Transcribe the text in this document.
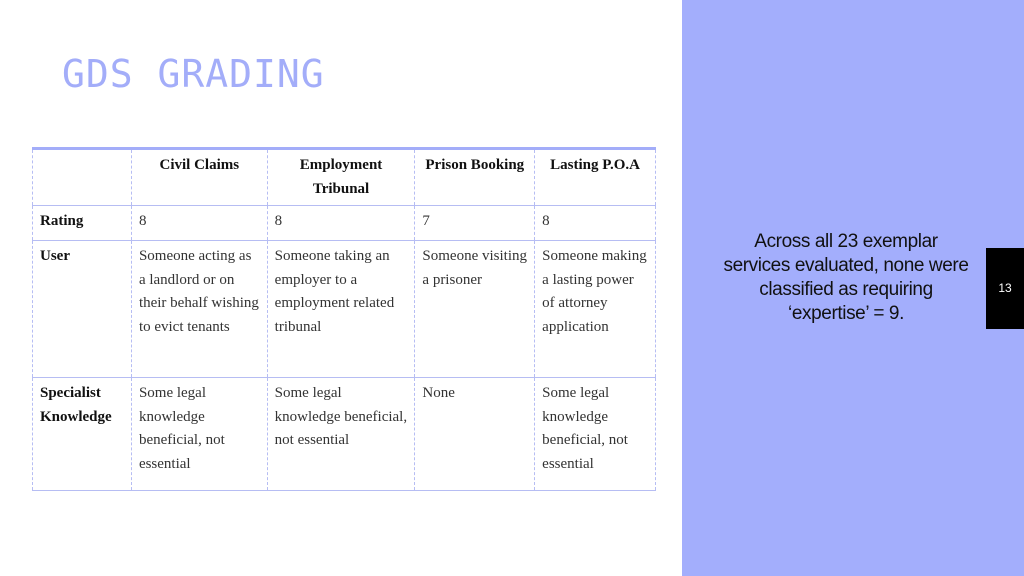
GDS GRADING
	Civil Claims	Employment Tribunal	Prison Booking	Lasting P.O.A
Rating	8	8	7	8
User	Someone acting as a landlord or on their behalf wishing to evict tenants	Someone taking an employer to a employment related tribunal	Someone visiting a prisoner	Someone making a lasting power of attorney application
Specialist Knowledge	Some legal knowledge beneficial, not essential	Some legal knowledge beneficial, not essential	None	Some legal knowledge beneficial, not essential
Across all 23 exemplar services evaluated, none were classified as requiring ‘expertise’ = 9.
13
